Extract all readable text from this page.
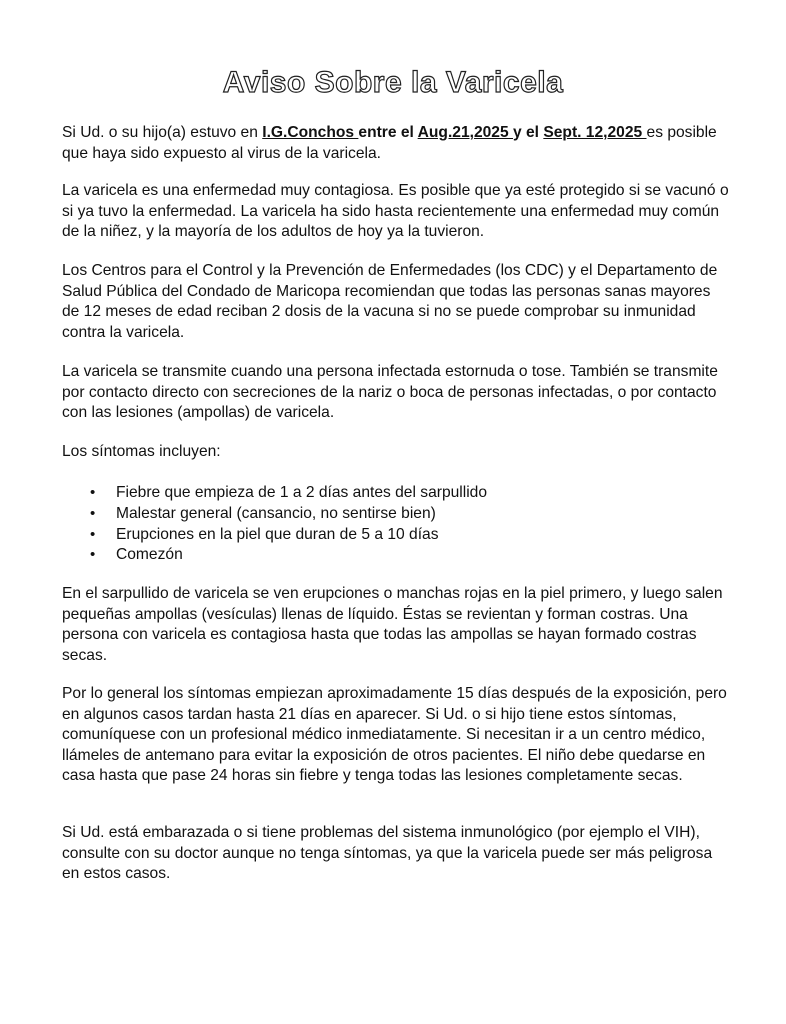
Aviso Sobre la Varicela

Si Ud. o su hijo(a) estuvo en I.G.Conchos entre el Aug.21,2025 y el Sept. 12,2025 es posible que haya sido expuesto al virus de la varicela.

La varicela es una enfermedad muy contagiosa. Es posible que ya esté protegido si se vacunó o si ya tuvo la enfermedad. La varicela ha sido hasta recientemente una enfermedad muy común de la niñez, y la mayoría de los adultos de hoy ya la tuvieron.

Los Centros para el Control y la Prevención de Enfermedades (los CDC) y el Departamento de Salud Pública del Condado de Maricopa recomiendan que todas las personas sanas mayores de 12 meses de edad reciban 2 dosis de la vacuna si no se puede comprobar su inmunidad contra la varicela.

La varicela se transmite cuando una persona infectada estornuda o tose. También se transmite por contacto directo con secreciones de la nariz o boca de personas infectadas, o por contacto con las lesiones (ampollas) de varicela.

Los síntomas incluyen:

• Fiebre que empieza de 1 a 2 días antes del sarpullido
• Malestar general (cansancio, no sentirse bien)
• Erupciones en la piel que duran de 5 a 10 días
• Comezón

En el sarpullido de varicela se ven erupciones o manchas rojas en la piel primero, y luego salen pequeñas ampollas (vesículas) llenas de líquido. Éstas se revientan y forman costras. Una persona con varicela es contagiosa hasta que todas las ampollas se hayan formado costras secas.

Por lo general los síntomas empiezan aproximadamente 15 días después de la exposición, pero en algunos casos tardan hasta 21 días en aparecer. Si Ud. o si hijo tiene estos síntomas, comuníquese con un profesional médico inmediatamente. Si necesitan ir a un centro médico, llámeles de antemano para evitar la exposición de otros pacientes. El niño debe quedarse en casa hasta que pase 24 horas sin fiebre y tenga todas las lesiones completamente secas.

Si Ud. está embarazada o si tiene problemas del sistema inmunológico (por ejemplo el VIH), consulte con su doctor aunque no tenga síntomas, ya que la varicela puede ser más peligrosa en estos casos.
